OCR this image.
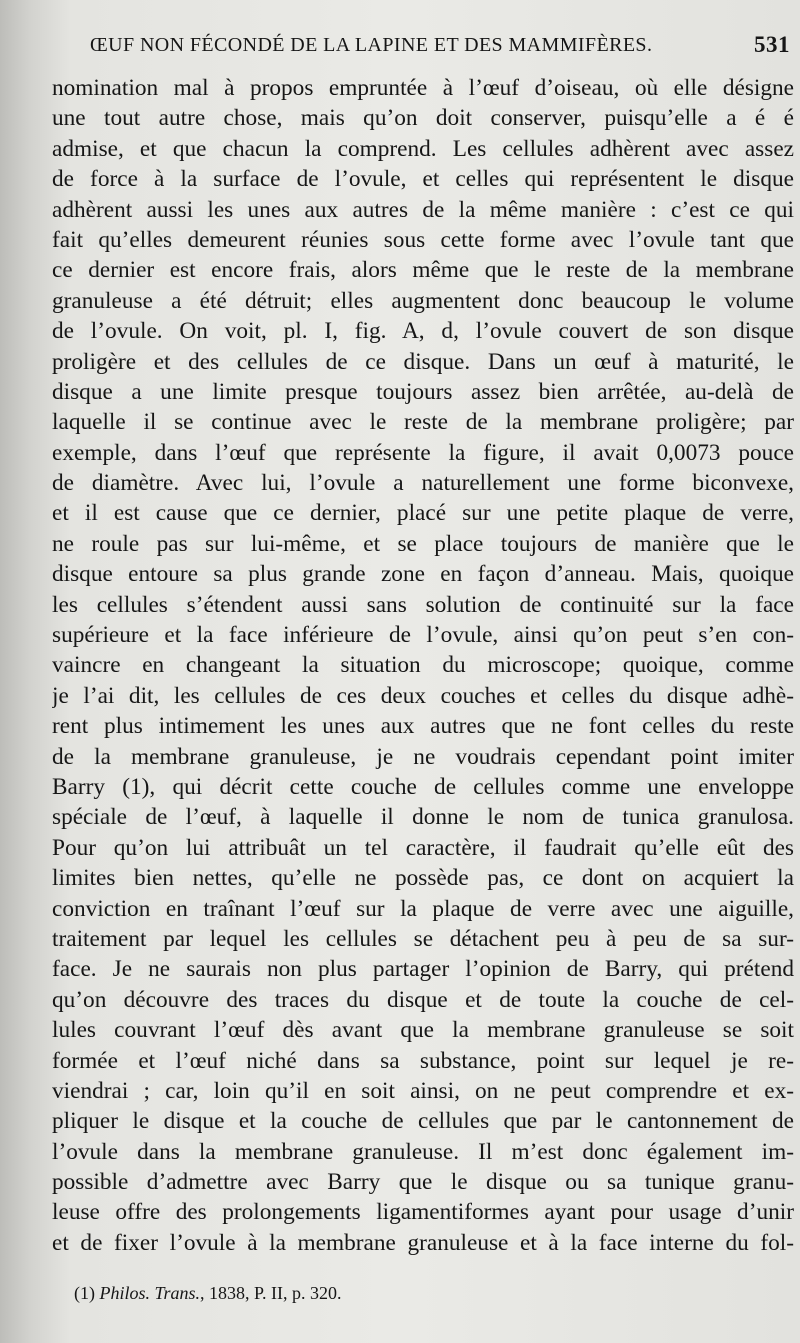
ŒUF NON FÉCONDÉ DE LA LAPINE ET DES MAMMIFÈRES.	531
nomination mal à propos empruntée à l’œuf d’oiseau, où elle désigne
une tout autre chose, mais qu’on doit conserver, puisqu’elle a é é
admise, et que chacun la comprend. Les cellules adhèrent avec assez
de force à la surface de l’ovule, et celles qui représentent le disque
adhèrent aussi les unes aux autres de la même manière : c’est ce qui
fait qu’elles demeurent réunies sous cette forme avec l’ovule tant que
ce dernier est encore frais, alors même que le reste de la membrane
granuleuse a été détruit; elles augmentent donc beaucoup le volume
de l’ovule. On voit, pl. I, fig. A, d, l’ovule couvert de son disque
proligère et des cellules de ce disque. Dans un œuf à maturité, le
disque a une limite presque toujours assez bien arrêtée, au-delà de
laquelle il se continue avec le reste de la membrane proligère; par
exemple, dans l’œuf que représente la figure, il avait 0,0073 pouce
de diamètre. Avec lui, l’ovule a naturellement une forme biconvexe,
et il est cause que ce dernier, placé sur une petite plaque de verre,
ne roule pas sur lui-même, et se place toujours de manière que le
disque entoure sa plus grande zone en façon d’anneau. Mais, quoique
les cellules s’étendent aussi sans solution de continuité sur la face
supérieure et la face inférieure de l’ovule, ainsi qu’on peut s’en con-
vaincre en changeant la situation du microscope; quoique, comme
je l’ai dit, les cellules de ces deux couches et celles du disque adhè-
rent plus intimement les unes aux autres que ne font celles du reste
de la membrane granuleuse, je ne voudrais cependant point imiter
Barry (1), qui décrit cette couche de cellules comme une enveloppe
spéciale de l’œuf, à laquelle il donne le nom de tunica granulosa.
Pour qu’on lui attribuât un tel caractère, il faudrait qu’elle eût des
limites bien nettes, qu’elle ne possède pas, ce dont on acquiert la
conviction en traînant l’œuf sur la plaque de verre avec une aiguille,
traitement par lequel les cellules se détachent peu à peu de sa sur-
face. Je ne saurais non plus partager l’opinion de Barry, qui prétend
qu’on découvre des traces du disque et de toute la couche de cel-
lules couvrant l’œuf dès avant que la membrane granuleuse se soit
formée et l’œuf niché dans sa substance, point sur lequel je re-
viendrai ; car, loin qu’il en soit ainsi, on ne peut comprendre et ex-
pliquer le disque et la couche de cellules que par le cantonnement de
l’ovule dans la membrane granuleuse. Il m’est donc également im-
possible d’admettre avec Barry que le disque ou sa tunique granu-
leuse offre des prolongements ligamentiformes ayant pour usage d’unir
et de fixer l’ovule à la membrane granuleuse et à la face interne du fol-
(1) Philos. Trans., 1838, P. II, p. 320.
